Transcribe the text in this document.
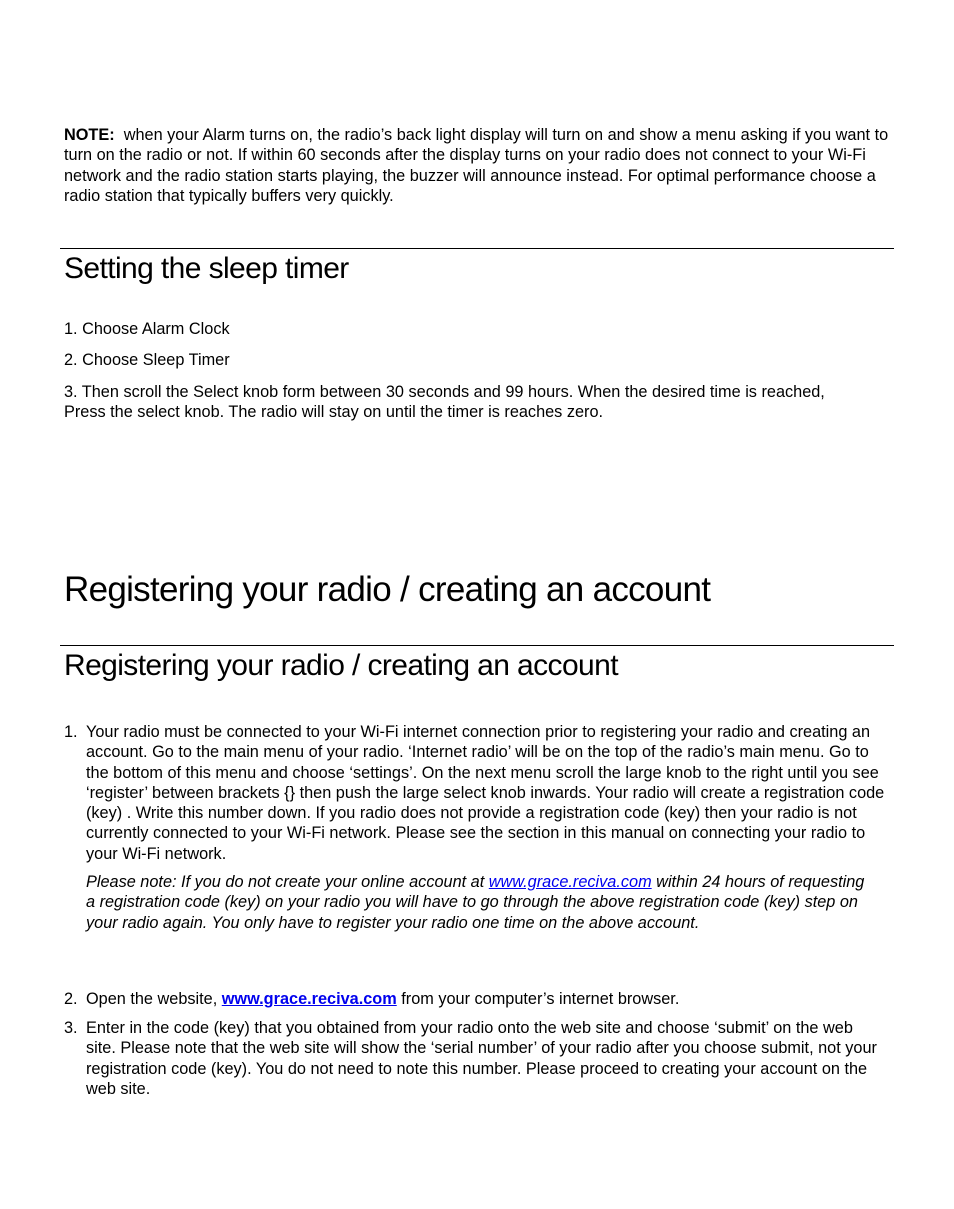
NOTE: when your Alarm turns on, the radio’s back light display will turn on and show a menu asking if you want to turn on the radio or not. If within 60 seconds after the display turns on your radio does not connect to your Wi-Fi network and the radio station starts playing, the buzzer will announce instead. For optimal performance choose a radio station that typically buffers very quickly.

Setting the sleep timer

1. Choose Alarm Clock

2. Choose Sleep Timer

3. Then scroll the Select knob form between 30 seconds and 99 hours. When the desired time is reached, Press the select knob. The radio will stay on until the timer is reaches zero.

Registering your radio / creating an account
Registering your radio / creating an account
1. Your radio must be connected to your Wi-Fi internet connection prior to registering your radio and creating an account. Go to the main menu of your radio. ‘Internet radio’ will be on the top of the radio’s main menu. Go to the bottom of this menu and choose ‘settings’. On the next menu scroll the large knob to the right until you see ‘register’ between brackets {} then push the large select knob inwards. Your radio will create a registration code (key) . Write this number down. If you radio does not provide a registration code (key) then your radio is not currently connected to your Wi-Fi network. Please see the section in this manual on connecting your radio to your Wi-Fi network.

Please note: If you do not create your online account at www.grace.reciva.com within 24 hours of requesting a registration code (key) on your radio you will have to go through the above registration code (key) step on your radio again. You only have to register your radio one time on the above account.

2. Open the website, www.grace.reciva.com from your computer’s internet browser.

3. Enter in the code (key) that you obtained from your radio onto the web site and choose ‘submit’ on the web site. Please note that the web site will show the ‘serial number’ of your radio after you choose submit, not your registration code (key). You do not need to note this number. Please proceed to creating your account on the web site.
